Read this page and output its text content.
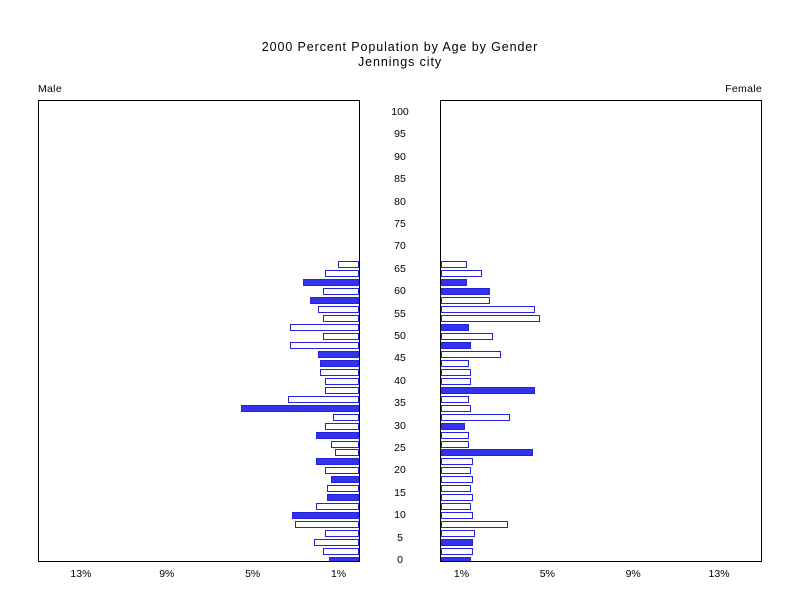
2000 Percent Population by Age by Gender
Jennings city
Male	Female
0
5
10
15
20
25
30
35
40
45
50
55
60
65
70
75
80
85
90
95
100
13%	13%
9%	9%
5%	5%
1%	1%
